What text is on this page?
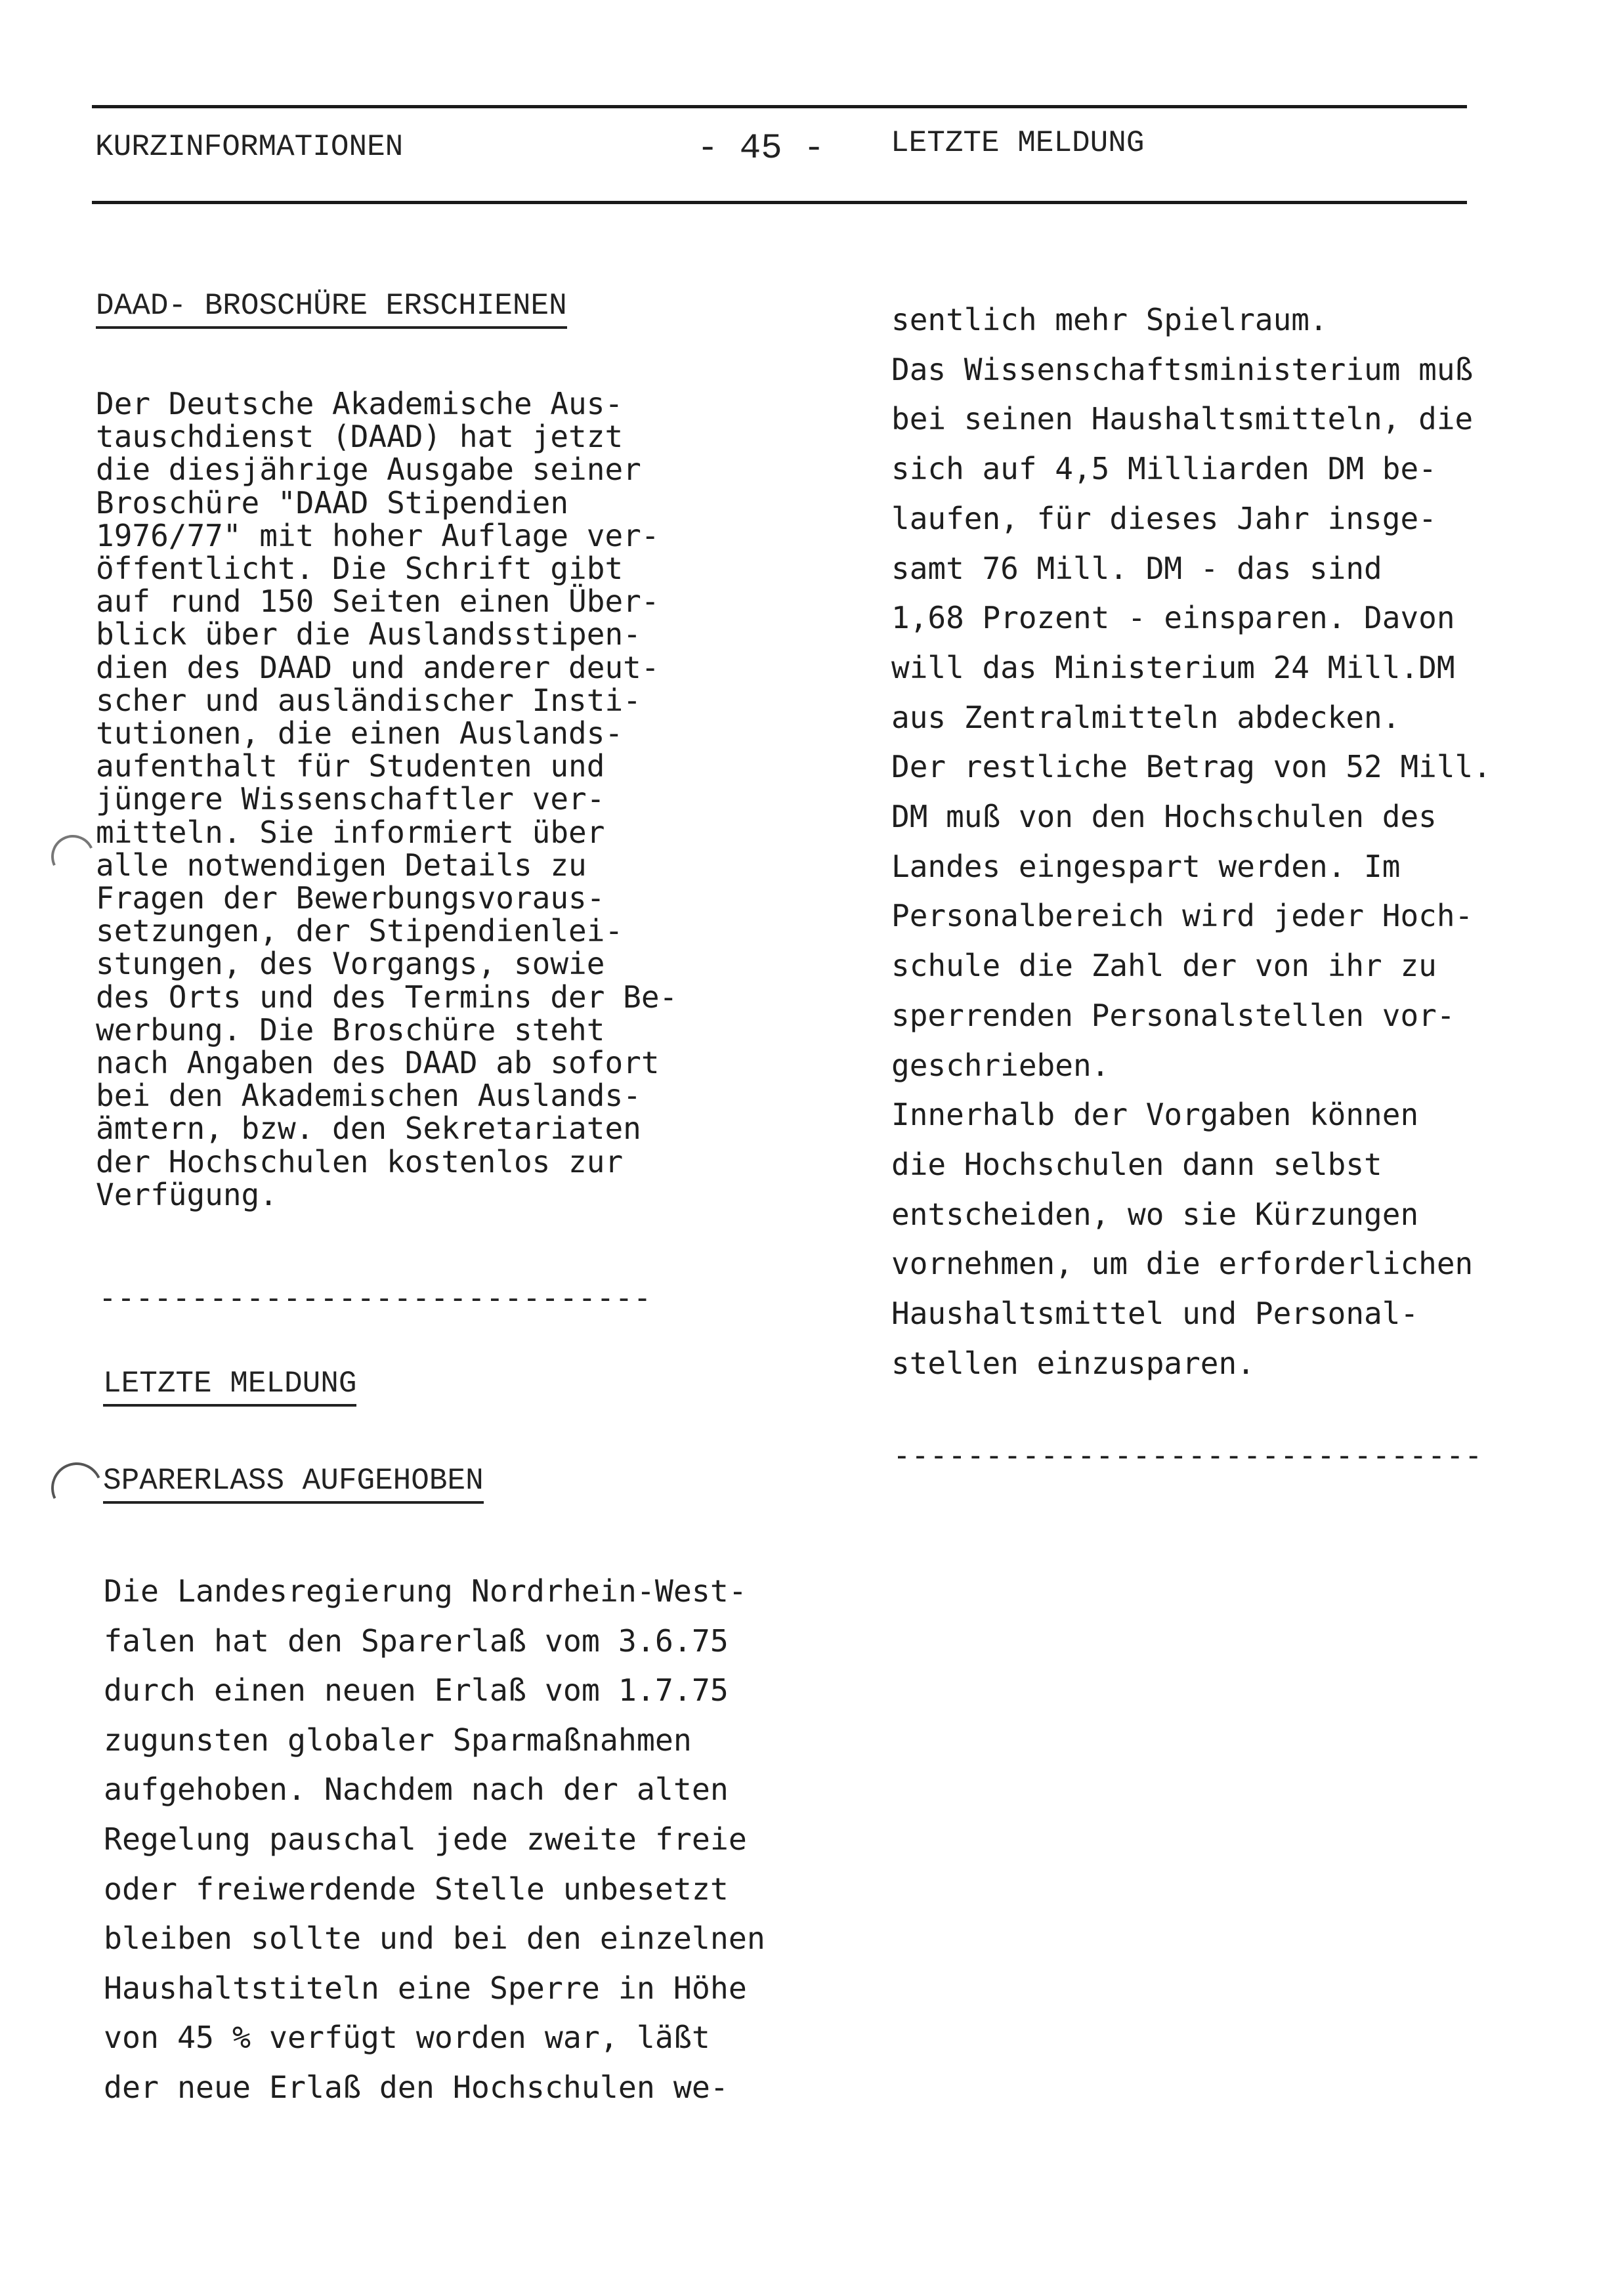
KURZINFORMATIONEN	- 45 - LETZTE MELDUNG
DAAD- BROSCHÜRE ERSCHIENEN
Der Deutsche Akademische Aus-
tauschdienst (DAAD) hat jetzt
die diesjährige Ausgabe seiner
Broschüre "DAAD Stipendien
1976/77" mit hoher Auflage ver-
öffentlicht. Die Schrift gibt
auf rund 150 Seiten einen Über-
blick über die Auslandsstipen-
dien des DAAD und anderer deut-
scher und ausländischer Insti-
tutionen, die einen Auslands-
aufenthalt für Studenten und
jüngere Wissenschaftler ver-
mitteln. Sie informiert über
alle notwendigen Details zu
Fragen der Bewerbungsvoraus-
setzungen, der Stipendienlei-
stungen, des Vorgangs, sowie
des Orts und des Termins der Be-
werbung. Die Broschüre steht
nach Angaben des DAAD ab sofort
bei den Akademischen Auslands-
ämtern, bzw. den Sekretariaten
der Hochschulen kostenlos zur
Verfügung.
------------------------------
LETZTE MELDUNG
SPARERLASS AUFGEHOBEN
Die Landesregierung Nordrhein-West-
falen hat den Sparerlaß vom 3.6.75
durch einen neuen Erlaß vom 1.7.75
zugunsten globaler Sparmaßnahmen
aufgehoben. Nachdem nach der alten
Regelung pauschal jede zweite freie
oder freiwerdende Stelle unbesetzt
bleiben sollte und bei den einzelnen
Haushaltstiteln eine Sperre in Höhe
von 45 % verfügt worden war, läßt
der neue Erlaß den Hochschulen we-
sentlich mehr Spielraum.
Das Wissenschaftsministerium muß
bei seinen Haushaltsmitteln, die
sich auf 4,5 Milliarden DM be-
laufen, für dieses Jahr insge-
samt 76 Mill. DM - das sind
1,68 Prozent - einsparen. Davon
will das Ministerium 24 Mill.DM
aus Zentralmitteln abdecken.
Der restliche Betrag von 52 Mill.
DM muß von den Hochschulen des
Landes eingespart werden. Im
Personalbereich wird jeder Hoch-
schule die Zahl der von ihr zu
sperrenden Personalstellen vor-
geschrieben.
Innerhalb der Vorgaben können
die Hochschulen dann selbst
entscheiden, wo sie Kürzungen
vornehmen, um die erforderlichen
Haushaltsmittel und Personal-
stellen einzusparen.
--------------------------------
